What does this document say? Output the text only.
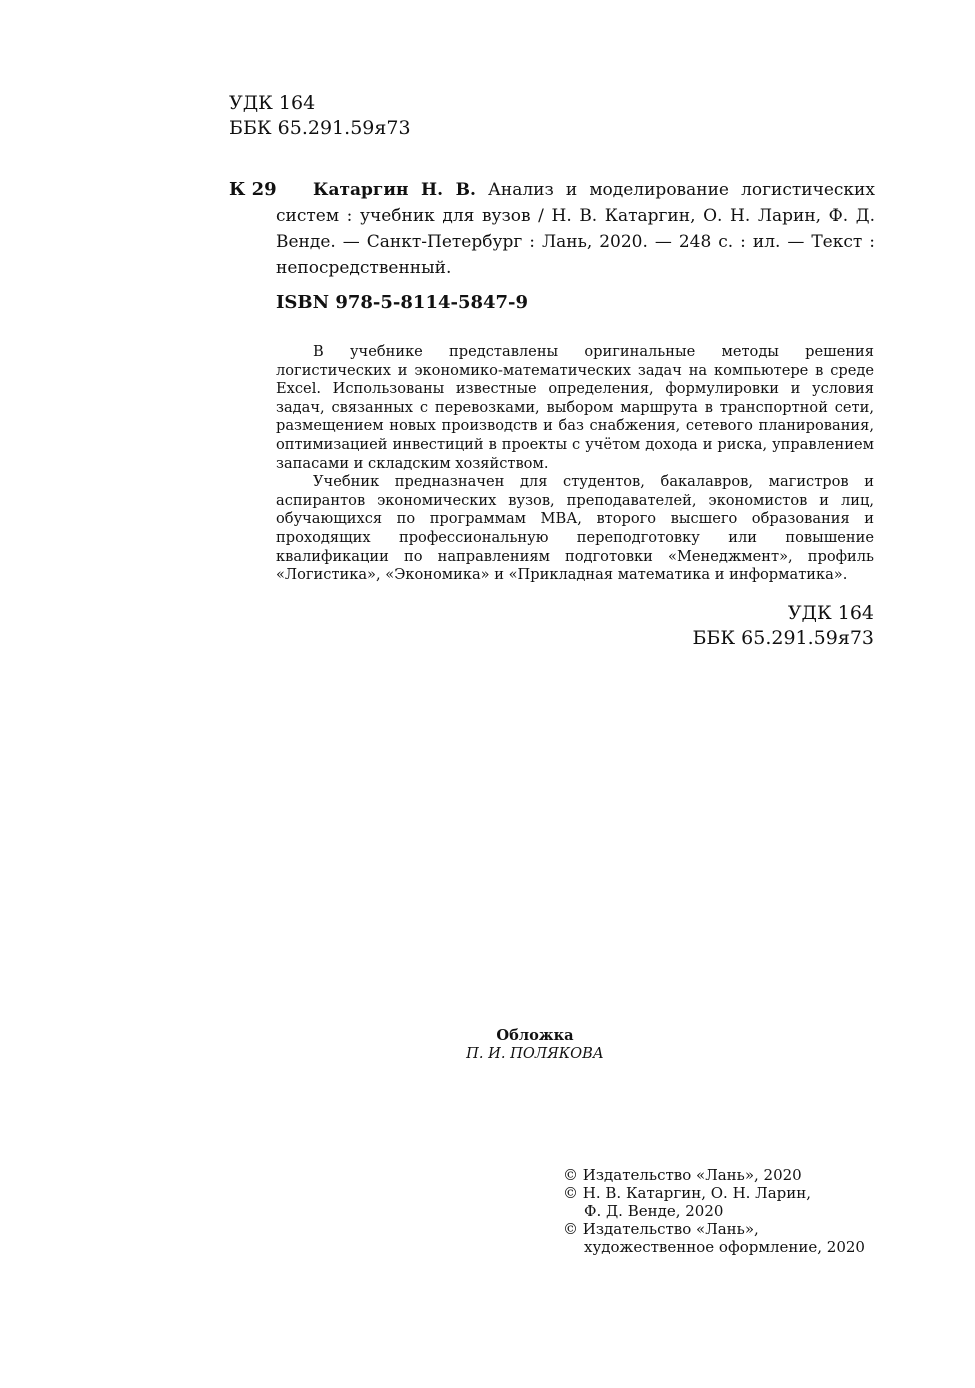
УДК 164
ББК 65.291.59я73
К 29	Катаргин Н. В. Анализ и моделирование логистических систем : учебник для вузов / Н. В. Катаргин, О. Н. Ларин, Ф. Д. Венде. — Санкт-Петербург : Лань, 2020. — 248 с. : ил. — Текст : непосредственный.
ISBN 978-5-8114-5847-9

В учебнике представлены оригинальные методы решения логистических и экономико-математических задач на компьютере в среде Excel. Использованы известные определения, формулировки и условия задач, связанных с перевозками, выбором маршрута в транспортной сети, размещением новых производств и баз снабжения, сетевого планирования, оптимизацией инвестиций в проекты с учётом дохода и риска, управлением запасами и складским хозяйством.

Учебник предназначен для студентов, бакалавров, магистров и аспирантов экономических вузов, преподавателей, экономистов и лиц, обучающихся по программам МВА, второго высшего образования и проходящих профессиональную переподготовку или повышение квалификации по направлениям подготовки «Менеджмент», профиль «Логистика», «Экономика» и «Прикладная математика и информатика».

УДК 164
ББК 65.291.59я73
Обложка
П. И. ПОЛЯКОВА
© Издательство «Лань», 2020
© Н. В. Катаргин, О. Н. Ларин,
Ф. Д. Венде, 2020
© Издательство «Лань»,
художественное оформление, 2020
